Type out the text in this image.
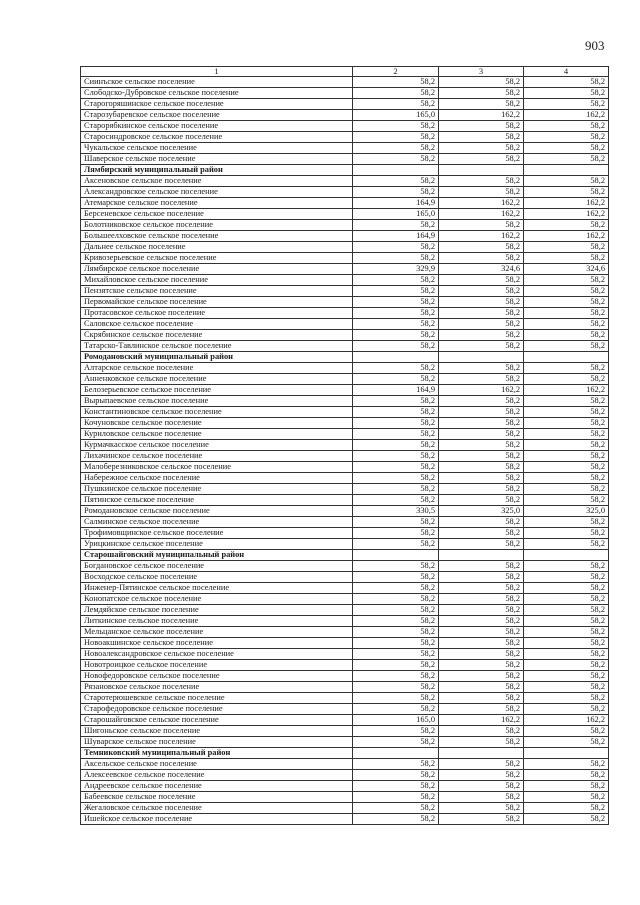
903
1	2	3	4
Сиинъское сельское поселение	58,2	58,2	58,2
Слободско-Дубровское сельское поселение	58,2	58,2	58,2
Старогоряшинское сельское поселение	58,2	58,2	58,2
Старозубаревское сельское поселение	165,0	162,2	162,2
Старорябкинское сельское поселение	58,2	58,2	58,2
Старосиндровское сельское поселение	58,2	58,2	58,2
Чукальское сельское поселение	58,2	58,2	58,2
Шаверское сельское поселение	58,2	58,2	58,2
Лямбирский муниципальный район			
Аксеновское сельское поселение	58,2	58,2	58,2
Александровское сельское поселение	58,2	58,2	58,2
Атемарское сельское поселение	164,9	162,2	162,2
Берсеневское сельское поселение	165,0	162,2	162,2
Болотниковское сельское поселение	58,2	58,2	58,2
Большеелховское сельское поселение	164,9	162,2	162,2
Дальнее сельское поселение	58,2	58,2	58,2
Кривозерьевское сельское поселение	58,2	58,2	58,2
Лямбирское сельское поселение	329,9	324,6	324,6
Михайловское сельское поселение	58,2	58,2	58,2
Пензятское сельское поселение	58,2	58,2	58,2
Первомайское сельское поселение	58,2	58,2	58,2
Протасовское сельское поселение	58,2	58,2	58,2
Саловское сельское поселение	58,2	58,2	58,2
Скрябинское сельское поселение	58,2	58,2	58,2
Татарско-Тавлинское сельское поселение	58,2	58,2	58,2
Ромодановский муниципальный район			
Алтарское сельское поселение	58,2	58,2	58,2
Анненковское сельское поселение	58,2	58,2	58,2
Белозерьевское сельское поселение	164,9	162,2	162,2
Вырыпаевское сельское поселение	58,2	58,2	58,2
Константиновское сельское поселение	58,2	58,2	58,2
Кочуновское сельское поселение	58,2	58,2	58,2
Куриловское сельское поселение	58,2	58,2	58,2
Курмачкасское сельское поселение	58,2	58,2	58,2
Лихачинское сельское поселение	58,2	58,2	58,2
Малоберезниковское сельское поселение	58,2	58,2	58,2
Набережное сельское поселение	58,2	58,2	58,2
Пушкинское сельское поселение	58,2	58,2	58,2
Пятинское сельское поселение	58,2	58,2	58,2
Ромодановское сельское поселение	330,5	325,0	325,0
Салминское сельское поселение	58,2	58,2	58,2
Трофимовщинское сельское поселение	58,2	58,2	58,2
Урицкинское сельское поселение	58,2	58,2	58,2
Старошайговский муниципальный район			
Богдановское сельское поселение	58,2	58,2	58,2
Восходское сельское поселение	58,2	58,2	58,2
Инженер-Пятинское сельское поселение	58,2	58,2	58,2
Конопатское сельское поселение	58,2	58,2	58,2
Лемдяйское сельское поселение	58,2	58,2	58,2
Литкинское сельское поселение	58,2	58,2	58,2
Мельцанское сельское поселение	58,2	58,2	58,2
Новоакшинское сельское поселение	58,2	58,2	58,2
Новоалександровское сельское поселение	58,2	58,2	58,2
Новотроицкое сельское поселение	58,2	58,2	58,2
Новофедоровское сельское поселение	58,2	58,2	58,2
Рязановское сельское поселение	58,2	58,2	58,2
Старотерюшевское сельское поселение	58,2	58,2	58,2
Старофедоровское сельское поселение	58,2	58,2	58,2
Старошайговское сельское поселение	165,0	162,2	162,2
Шигоньское сельское поселение	58,2	58,2	58,2
Шуварское сельское поселение	58,2	58,2	58,2
Темниковский муниципальный район			
Аксельское сельское поселение	58,2	58,2	58,2
Алексеевское сельское поселение	58,2	58,2	58,2
Андреевское сельское поселение	58,2	58,2	58,2
Бабеевское сельское поселение	58,2	58,2	58,2
Жегаловское сельское поселение	58,2	58,2	58,2
Ишейское сельское поселение	58,2	58,2	58,2
